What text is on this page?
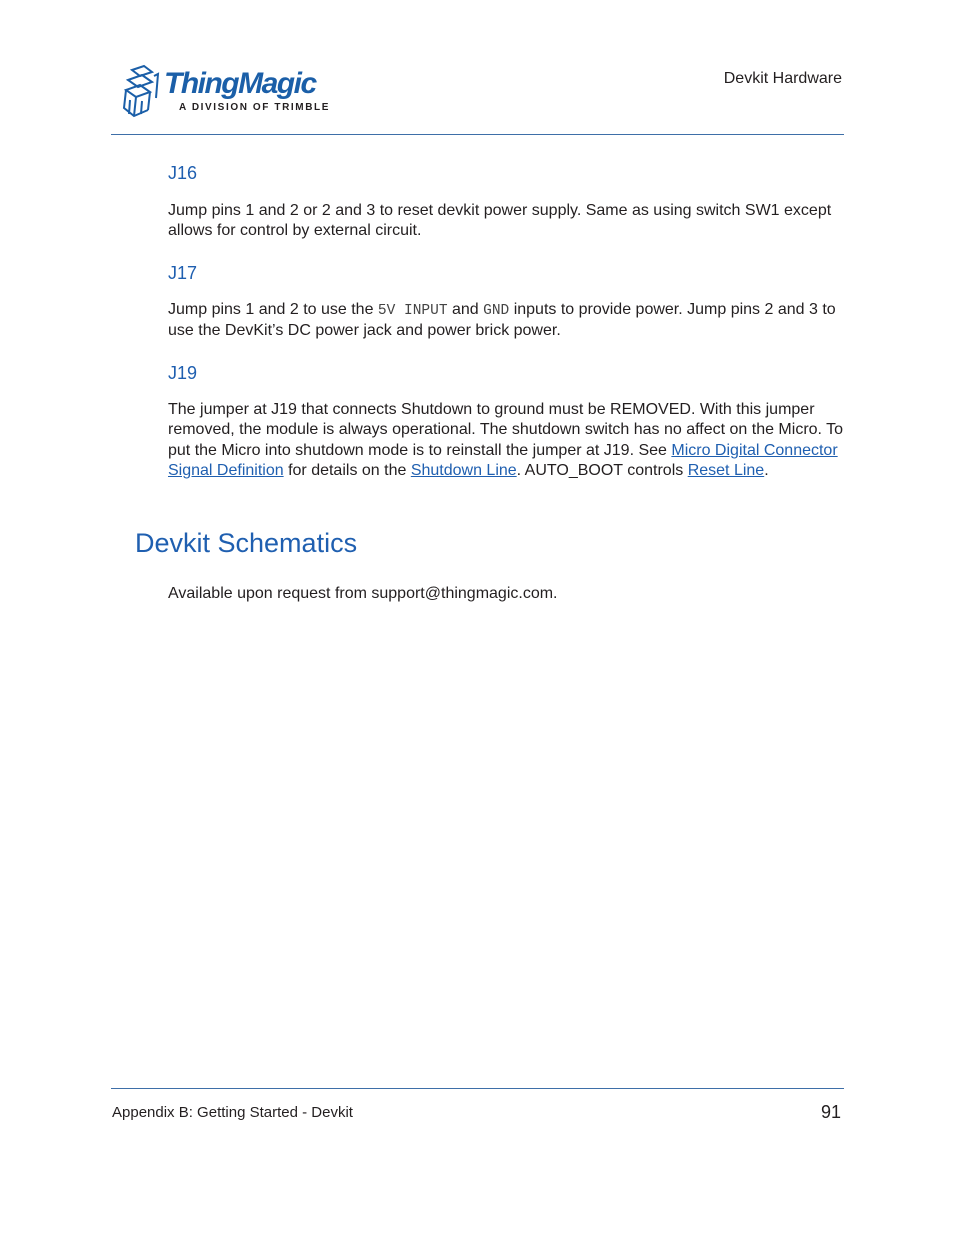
ThingMagic
A DIVISION OF TRIMBLE
Devkit Hardware
J16

Jump pins 1 and 2 or 2 and 3 to reset devkit power supply. Same as using switch SW1 except allows for control by external circuit.

J17

Jump pins 1 and 2 to use the 5V INPUT and GND inputs to provide power. Jump pins 2 and 3 to use the DevKit’s DC power jack and power brick power.

J19

The jumper at J19 that connects Shutdown to ground must be REMOVED. With this jumper removed, the module is always operational. The shutdown switch has no affect on the Micro. To put the Micro into shutdown mode is to reinstall the jumper at J19. See Micro Digital Connector Signal Definition for details on the Shutdown Line. AUTO_BOOT controls Reset Line.

Devkit Schematics

Available upon request from support@thingmagic.com.

Appendix B: Getting Started - Devkit	91
